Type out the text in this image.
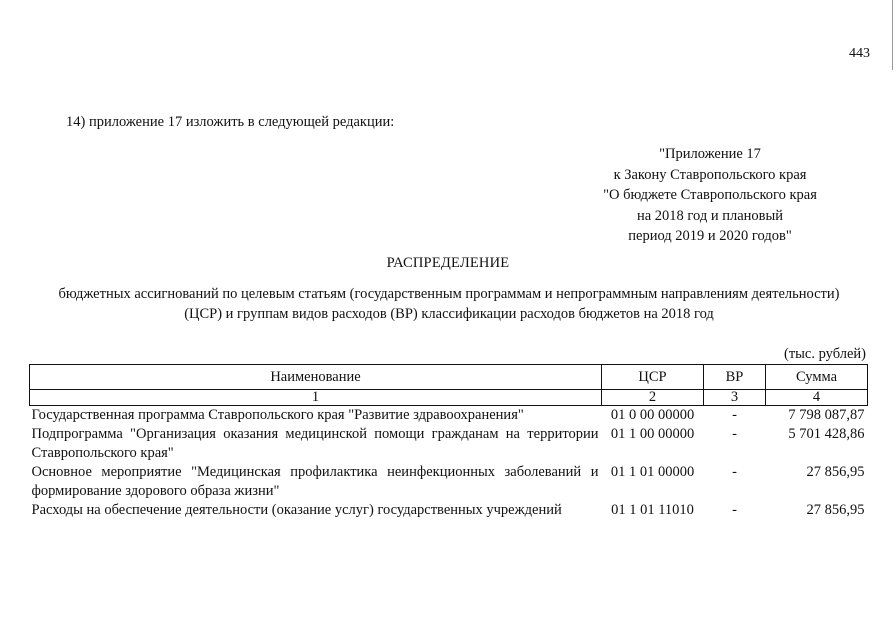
443
14) приложение 17 изложить в следующей редакции:
"Приложение 17
к Закону Ставропольского края
"О бюджете Ставропольского края
на 2018 год и плановый
период 2019 и 2020 годов"
РАСПРЕДЕЛЕНИЕ
бюджетных ассигнований по целевым статьям (государственным программам и непрограммным направлениям деятельности)
(ЦСР) и группам видов расходов (ВР) классификации расходов бюджетов на 2018 год
(тыс. рублей)
Наименование	ЦСР	ВР	Сумма
1	2	3	4
Государственная программа Ставропольского края "Развитие здравоохранения"	01 0 00 00000	-	7 798 087,87
Подпрограмма "Организация оказания медицинской помощи гражданам на территории Ставропольского края"	01 1 00 00000	-	5 701 428,86
Основное мероприятие "Медицинская профилактика неинфекционных заболеваний и формирование здорового образа жизни"	01 1 01 00000	-	27 856,95
Расходы на обеспечение деятельности (оказание услуг) государственных учреждений	01 1 01 11010	-	27 856,95
